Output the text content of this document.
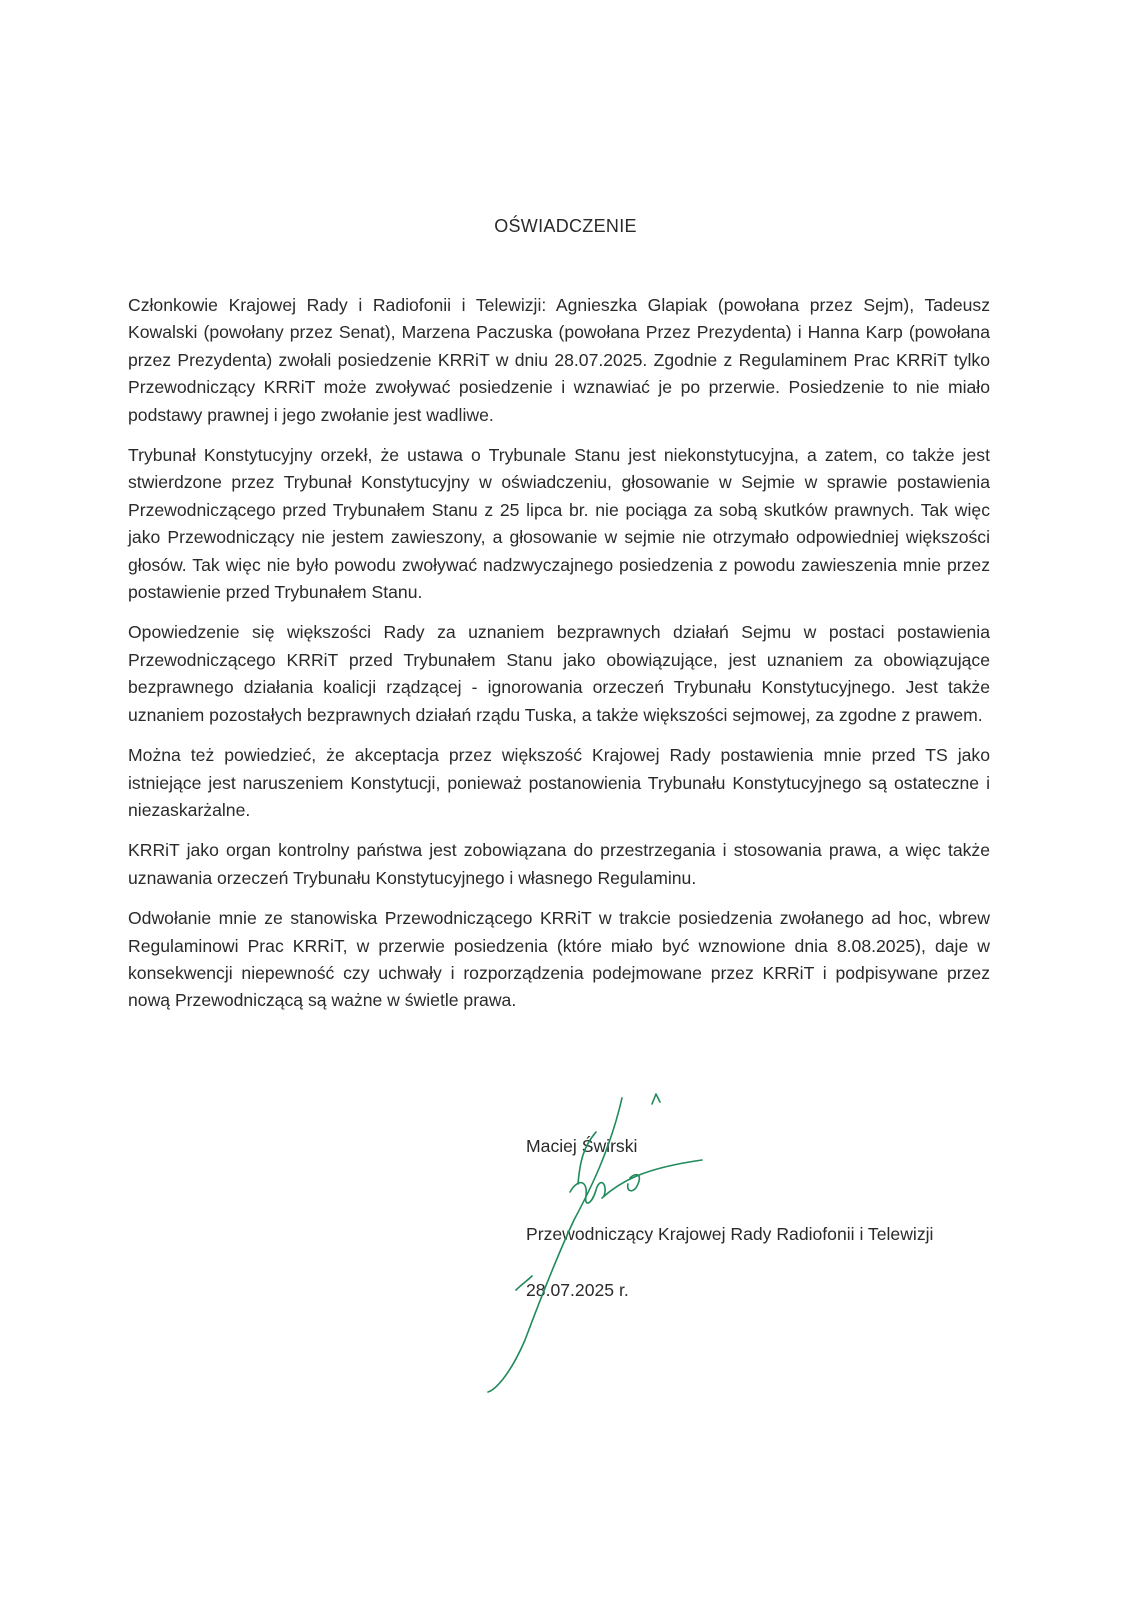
OŚWIADCZENIE

Członkowie Krajowej Rady i Radiofonii i Telewizji: Agnieszka Glapiak (powołana przez Sejm), Tadeusz Kowalski (powołany przez Senat), Marzena Paczuska (powołana Przez Prezydenta) i Hanna Karp (powołana przez Prezydenta) zwołali posiedzenie KRRiT w dniu 28.07.2025. Zgodnie z Regulaminem Prac KRRiT tylko Przewodniczący KRRiT może zwoływać posiedzenie i wznawiać je po przerwie. Posiedzenie to nie miało podstawy prawnej i jego zwołanie jest wadliwe.

Trybunał Konstytucyjny orzekł, że ustawa o Trybunale Stanu jest niekonstytucyjna, a zatem, co także jest stwierdzone przez Trybunał Konstytucyjny w oświadczeniu, głosowanie w Sejmie w sprawie postawienia Przewodniczącego przed Trybunałem Stanu z 25 lipca br. nie pociąga za sobą skutków prawnych. Tak więc jako Przewodniczący nie jestem zawieszony, a głosowanie w sejmie nie otrzymało odpowiedniej większości głosów. Tak więc nie było powodu zwoływać nadzwyczajnego posiedzenia z powodu zawieszenia mnie przez postawienie przed Trybunałem Stanu.

Opowiedzenie się większości Rady za uznaniem bezprawnych działań Sejmu w postaci postawienia Przewodniczącego KRRiT przed Trybunałem Stanu jako obowiązujące, jest uznaniem za obowiązujące bezprawnego działania koalicji rządzącej - ignorowania orzeczeń Trybunału Konstytucyjnego. Jest także uznaniem pozostałych bezprawnych działań rządu Tuska, a także większości sejmowej, za zgodne z prawem.

Można też powiedzieć, że akceptacja przez większość Krajowej Rady postawienia mnie przed TS jako istniejące jest naruszeniem Konstytucji, ponieważ postanowienia Trybunału Konstytucyjnego są ostateczne i niezaskarżalne.

KRRiT jako organ kontrolny państwa jest zobowiązana do przestrzegania i stosowania prawa, a więc także uznawania orzeczeń Trybunału Konstytucyjnego i własnego Regulaminu.

Odwołanie mnie ze stanowiska Przewodniczącego KRRiT w trakcie posiedzenia zwołanego ad hoc, wbrew Regulaminowi Prac KRRiT, w przerwie posiedzenia (które miało być wznowione dnia 8.08.2025), daje w konsekwencji niepewność czy uchwały i rozporządzenia podejmowane przez KRRiT i podpisywane przez nową Przewodniczącą są ważne w świetle prawa.

Maciej Świrski
Przewodniczący Krajowej Rady Radiofonii i Telewizji
28.07.2025 r.
